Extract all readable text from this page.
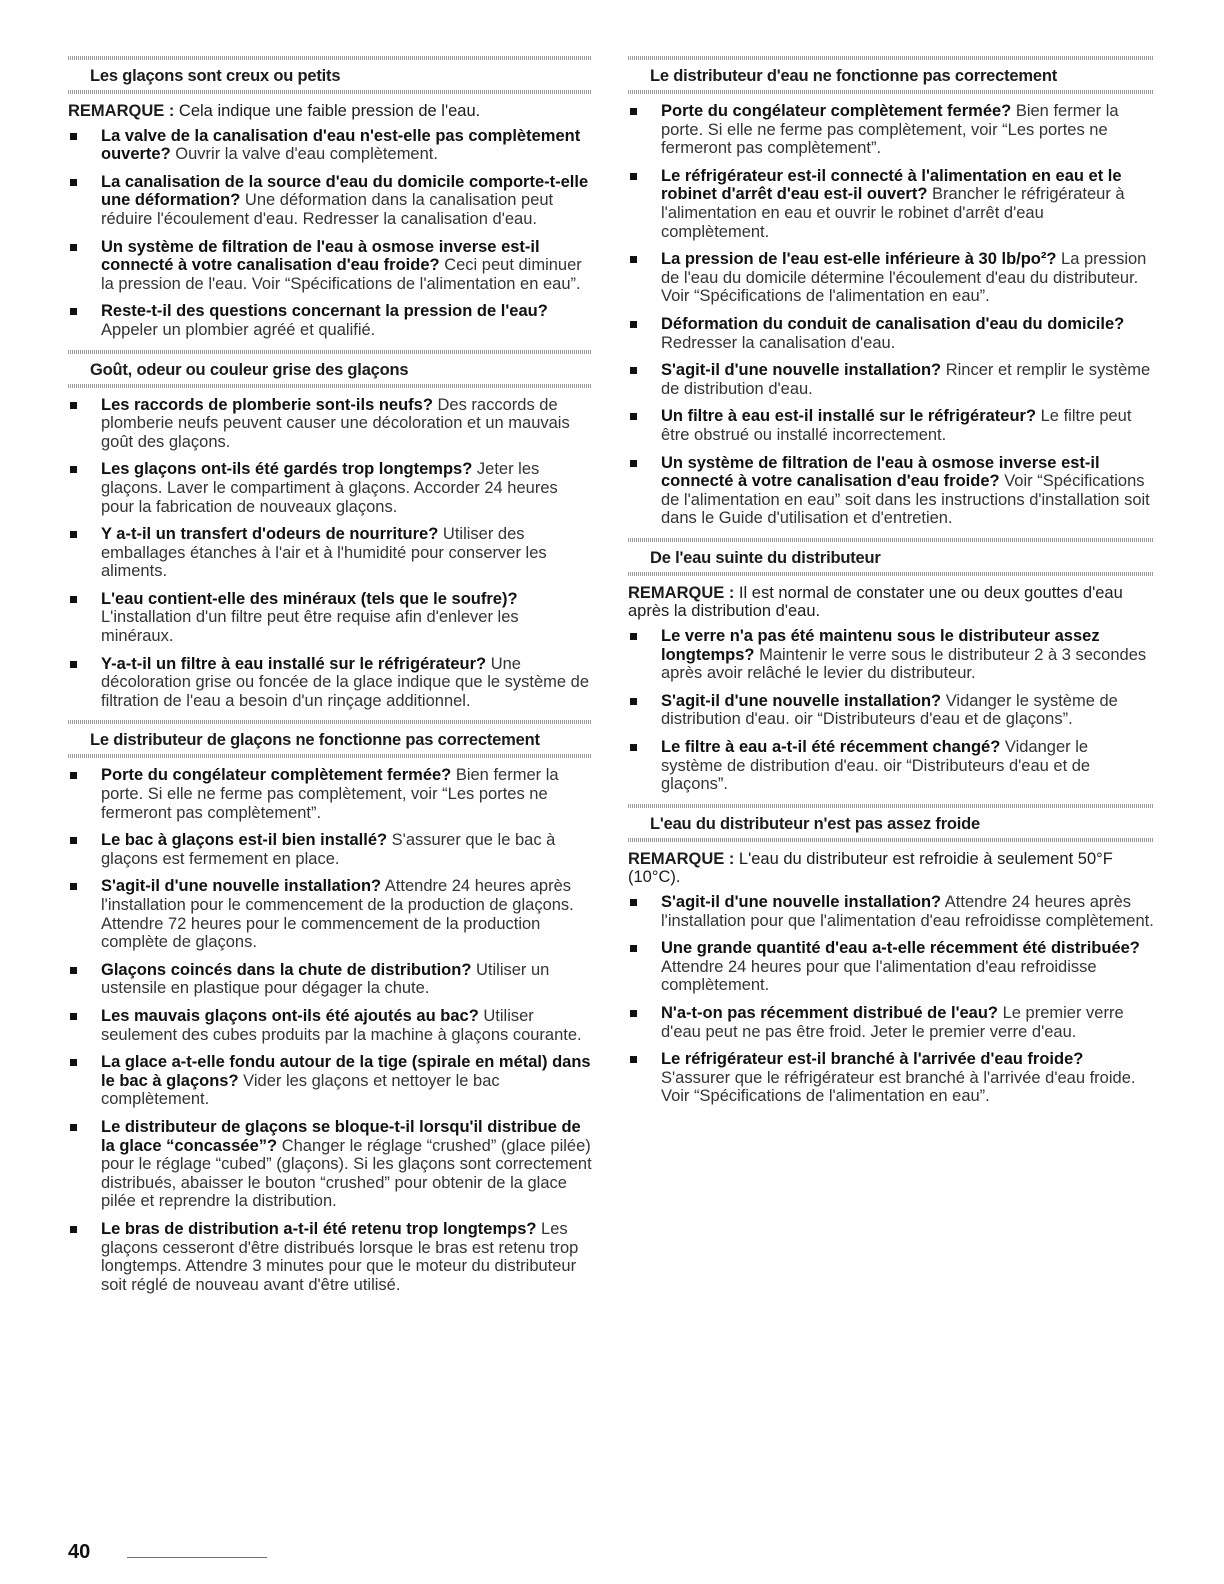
Les glaçons sont creux ou petits

REMARQUE : Cela indique une faible pression de l'eau.

La valve de la canalisation d'eau n'est-elle pas complètement ouverte? Ouvrir la valve d'eau complètement.
La canalisation de la source d'eau du domicile comporte-t-elle une déformation? Une déformation dans la canalisation peut réduire l'écoulement d'eau. Redresser la canalisation d'eau.
Un système de filtration de l'eau à osmose inverse est-il connecté à votre canalisation d'eau froide? Ceci peut diminuer la pression de l'eau. Voir “Spécifications de l'alimentation en eau”.
Reste-t-il des questions concernant la pression de l'eau? Appeler un plombier agréé et qualifié.
Goût, odeur ou couleur grise des glaçons
Les raccords de plomberie sont-ils neufs? Des raccords de plomberie neufs peuvent causer une décoloration et un mauvais goût des glaçons.
Les glaçons ont-ils été gardés trop longtemps? Jeter les glaçons. Laver le compartiment à glaçons. Accorder 24 heures pour la fabrication de nouveaux glaçons.
Y a-t-il un transfert d'odeurs de nourriture? Utiliser des emballages étanches à l'air et à l'humidité pour conserver les aliments.
L'eau contient-elle des minéraux (tels que le soufre)? L'installation d'un filtre peut être requise afin d'enlever les minéraux.
Y-a-t-il un filtre à eau installé sur le réfrigérateur? Une décoloration grise ou foncée de la glace indique que le système de filtration de l'eau a besoin d'un rinçage additionnel.
Le distributeur de glaçons ne fonctionne pas correctement
Porte du congélateur complètement fermée? Bien fermer la porte. Si elle ne ferme pas complètement, voir “Les portes ne fermeront pas complètement”.
Le bac à glaçons est-il bien installé? S'assurer que le bac à glaçons est fermement en place.
S'agit-il d'une nouvelle installation? Attendre 24 heures après l'installation pour le commencement de la production de glaçons. Attendre 72 heures pour le commencement de la production complète de glaçons.
Glaçons coincés dans la chute de distribution? Utiliser un ustensile en plastique pour dégager la chute.
Les mauvais glaçons ont-ils été ajoutés au bac? Utiliser seulement des cubes produits par la machine à glaçons courante.
La glace a-t-elle fondu autour de la tige (spirale en métal) dans le bac à glaçons? Vider les glaçons et nettoyer le bac complètement.
Le distributeur de glaçons se bloque-t-il lorsqu'il distribue de la glace “concassée”? Changer le réglage “crushed” (glace pilée) pour le réglage “cubed” (glaçons). Si les glaçons sont correctement distribués, abaisser le bouton “crushed” pour obtenir de la glace pilée et reprendre la distribution.
Le bras de distribution a-t-il été retenu trop longtemps? Les glaçons cesseront d'être distribués lorsque le bras est retenu trop longtemps. Attendre 3 minutes pour que le moteur du distributeur soit réglé de nouveau avant d'être utilisé.
Le distributeur d'eau ne fonctionne pas correctement
Porte du congélateur complètement fermée? Bien fermer la porte. Si elle ne ferme pas complètement, voir “Les portes ne fermeront pas complètement”.
Le réfrigérateur est-il connecté à l'alimentation en eau et le robinet d'arrêt d'eau est-il ouvert? Brancher le réfrigérateur à l'alimentation en eau et ouvrir le robinet d'arrêt d'eau complètement.
La pression de l'eau est-elle inférieure à 30 lb/po²? La pression de l'eau du domicile détermine l'écoulement d'eau du distributeur. Voir “Spécifications de l'alimentation en eau”.
Déformation du conduit de canalisation d'eau du domicile? Redresser la canalisation d'eau.
S'agit-il d'une nouvelle installation? Rincer et remplir le système de distribution d'eau.
Un filtre à eau est-il installé sur le réfrigérateur? Le filtre peut être obstrué ou installé incorrectement.
Un système de filtration de l'eau à osmose inverse est-il connecté à votre canalisation d'eau froide? Voir “Spécifications de l'alimentation en eau” soit dans les instructions d'installation soit dans le Guide d'utilisation et d'entretien.
De l'eau suinte du distributeur

REMARQUE : Il est normal de constater une ou deux gouttes d'eau après la distribution d'eau.

Le verre n'a pas été maintenu sous le distributeur assez longtemps? Maintenir le verre sous le distributeur 2 à 3 secondes après avoir relâché le levier du distributeur.
S'agit-il d'une nouvelle installation? Vidanger le système de distribution d'eau. oir “Distributeurs d'eau et de glaçons”.
Le filtre à eau a-t-il été récemment changé? Vidanger le système de distribution d'eau. oir “Distributeurs d'eau et de glaçons”.
L'eau du distributeur n'est pas assez froide

REMARQUE : L'eau du distributeur est refroidie à seulement 50°F (10°C).

S'agit-il d'une nouvelle installation? Attendre 24 heures après l'installation pour que l'alimentation d'eau refroidisse complètement.
Une grande quantité d'eau a-t-elle récemment été distribuée? Attendre 24 heures pour que l'alimentation d'eau refroidisse complètement.
N'a-t-on pas récemment distribué de l'eau? Le premier verre d'eau peut ne pas être froid. Jeter le premier verre d'eau.
Le réfrigérateur est-il branché à l'arrivée d'eau froide? S'assurer que le réfrigérateur est branché à l'arrivée d'eau froide. Voir “Spécifications de l'alimentation en eau”.
40
